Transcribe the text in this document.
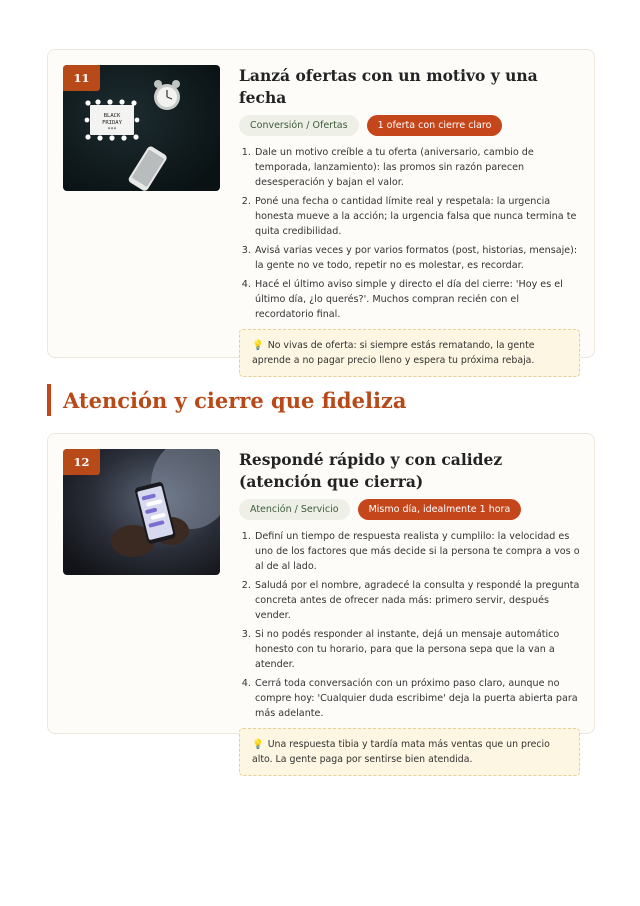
BLACK
FRIDAY
***
11	Lanzá ofertas con un motivo y una fecha
Conversión / Ofertas	1 oferta con cierre claro
1. Dale un motivo creíble a tu oferta (aniversario, cambio de temporada, lanzamiento): las promos sin razón parecen desesperación y bajan el valor.
2. Poné una fecha o cantidad límite real y respetala: la urgencia honesta mueve a la acción; la urgencia falsa que nunca termina te quita credibilidad.
3. Avisá varias veces y por varios formatos (post, historias, mensaje): la gente no ve todo, repetir no es molestar, es recordar.
4. Hacé el último aviso simple y directo el día del cierre: 'Hoy es el último día, ¿lo querés?'. Muchos compran recién con el recordatorio final.
💡 No vivas de oferta: si siempre estás rematando, la gente aprende a no pagar precio lleno y espera tu próxima rebaja.
Atención y cierre que fideliza
12	Respondé rápido y con calidez (atención que cierra)
Atención / Servicio	Mismo día, idealmente 1 hora
1. Definí un tiempo de respuesta realista y cumplilo: la velocidad es uno de los factores que más decide si la persona te compra a vos o al de al lado.
2. Saludá por el nombre, agradecé la consulta y respondé la pregunta concreta antes de ofrecer nada más: primero servir, después vender.
3. Si no podés responder al instante, dejá un mensaje automático honesto con tu horario, para que la persona sepa que la van a atender.
4. Cerrá toda conversación con un próximo paso claro, aunque no compre hoy: 'Cualquier duda escribime' deja la puerta abierta para más adelante.
💡 Una respuesta tibia y tardía mata más ventas que un precio alto. La gente paga por sentirse bien atendida.
